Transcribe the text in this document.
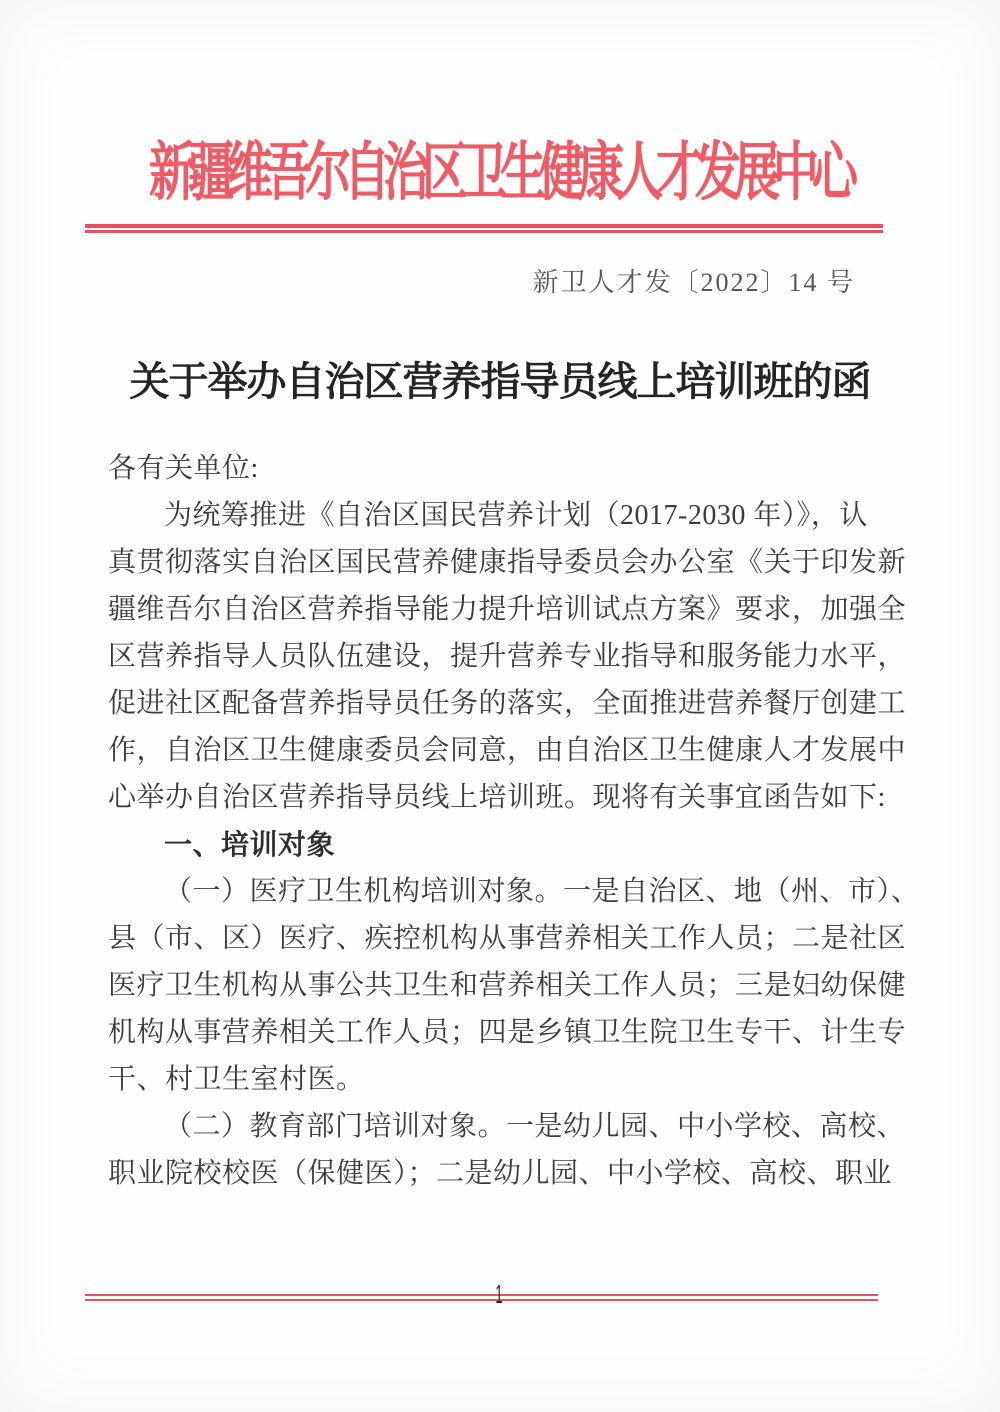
新疆维吾尔自治区卫生健康人才发展中心
新卫人才发〔2022〕14 号
关于举办自治区营养指导员线上培训班的函
各有关单位:
为统筹推进《自治区国民营养计划（2017-2030 年）》，认
真贯彻落实自治区国民营养健康指导委员会办公室《关于印发新
疆维吾尔自治区营养指导能力提升培训试点方案》要求，加强全
区营养指导人员队伍建设，提升营养专业指导和服务能力水平，
促进社区配备营养指导员任务的落实，全面推进营养餐厅创建工
作，自治区卫生健康委员会同意，由自治区卫生健康人才发展中
心举办自治区营养指导员线上培训班。现将有关事宜函告如下:
一、培训对象
（一）医疗卫生机构培训对象。一是自治区、地（州、市）、
县（市、区）医疗、疾控机构从事营养相关工作人员；二是社区
医疗卫生机构从事公共卫生和营养相关工作人员；三是妇幼保健
机构从事营养相关工作人员；四是乡镇卫生院卫生专干、计生专
干、村卫生室村医。
（二）教育部门培训对象。一是幼儿园、中小学校、高校、
职业院校校医（保健医）；二是幼儿园、中小学校、高校、职业
1
